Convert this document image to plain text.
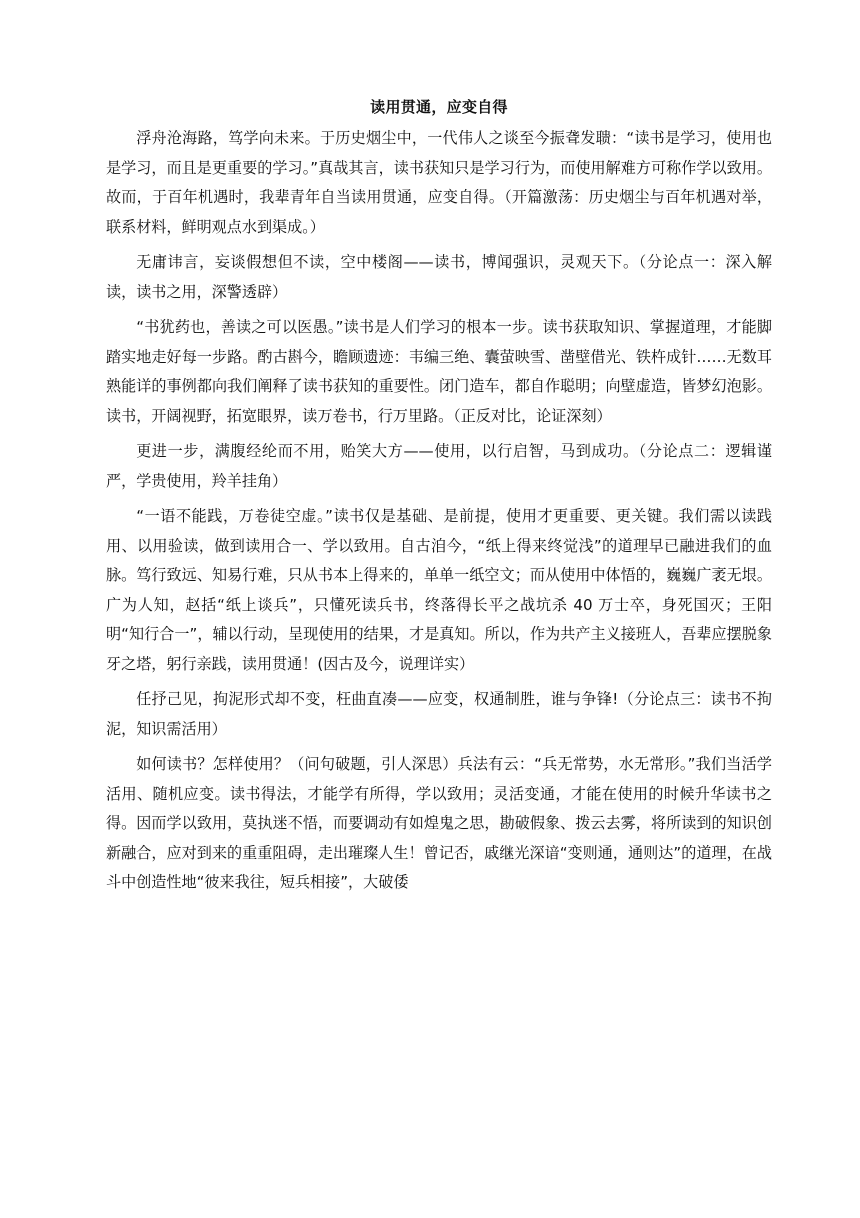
读用贯通，应变自得

浮舟沧海路，笃学向未来。于历史烟尘中，一代伟人之谈至今振聋发聩：“读书是学习，使用也是学习，而且是更重要的学习。”真哉其言，读书获知只是学习行为，而使用解难方可称作学以致用。故而，于百年机遇时，我辈青年自当读用贯通，应变自得。（开篇激荡：历史烟尘与百年机遇对举，联系材料，鲜明观点水到渠成。）

无庸讳言，妄谈假想但不读，空中楼阁——读书，博闻强识，灵观天下。（分论点一：深入解读，读书之用，深警透辟）

“书犹药也，善读之可以医愚。”读书是人们学习的根本一步。读书获取知识、掌握道理，才能脚踏实地走好每一步路。酌古斟今，瞻顾遗迹：韦编三绝、囊萤映雪、凿壁借光、铁杵成针……无数耳熟能详的事例都向我们阐释了读书获知的重要性。闭门造车，都自作聪明；向壁虚造，皆梦幻泡影。读书，开阔视野，拓宽眼界，读万卷书，行万里路。（正反对比，论证深刻）

更进一步，满腹经纶而不用，贻笑大方——使用，以行启智，马到成功。（分论点二：逻辑谨严，学贵使用，羚羊挂角）

“一语不能践，万卷徒空虚。”读书仅是基础、是前提，使用才更重要、更关键。我们需以读践用、以用验读，做到读用合一、学以致用。自古洎今，“纸上得来终觉浅”的道理早已融进我们的血脉。笃行致远、知易行难，只从书本上得来的，单单一纸空文；而从使用中体悟的，巍巍广袤无垠。广为人知，赵括“纸上谈兵”，只懂死读兵书，终落得长平之战坑杀 40 万士卒，身死国灭；王阳明“知行合一”，辅以行动，呈现使用的结果，才是真知。所以，作为共产主义接班人，吾辈应摆脱象牙之塔，躬行亲践，读用贯通！(因古及今，说理详实）

任抒己见，拘泥形式却不变，枉曲直凑——应变，权通制胜，谁与争锋!（分论点三：读书不拘泥，知识需活用）

如何读书？怎样使用？（问句破题，引人深思）兵法有云：“兵无常势，水无常形。”我们当活学活用、随机应变。读书得法，才能学有所得，学以致用；灵活变通，才能在使用的时候升华读书之得。因而学以致用，莫执迷不悟，而要调动有如煌鬼之思，勘破假象、拨云去雾，将所读到的知识创新融合，应对到来的重重阻碍，走出璀璨人生！曾记否，戚继光深谙“变则通，通则达”的道理，在战斗中创造性地“彼来我往，短兵相接”，大破倭
